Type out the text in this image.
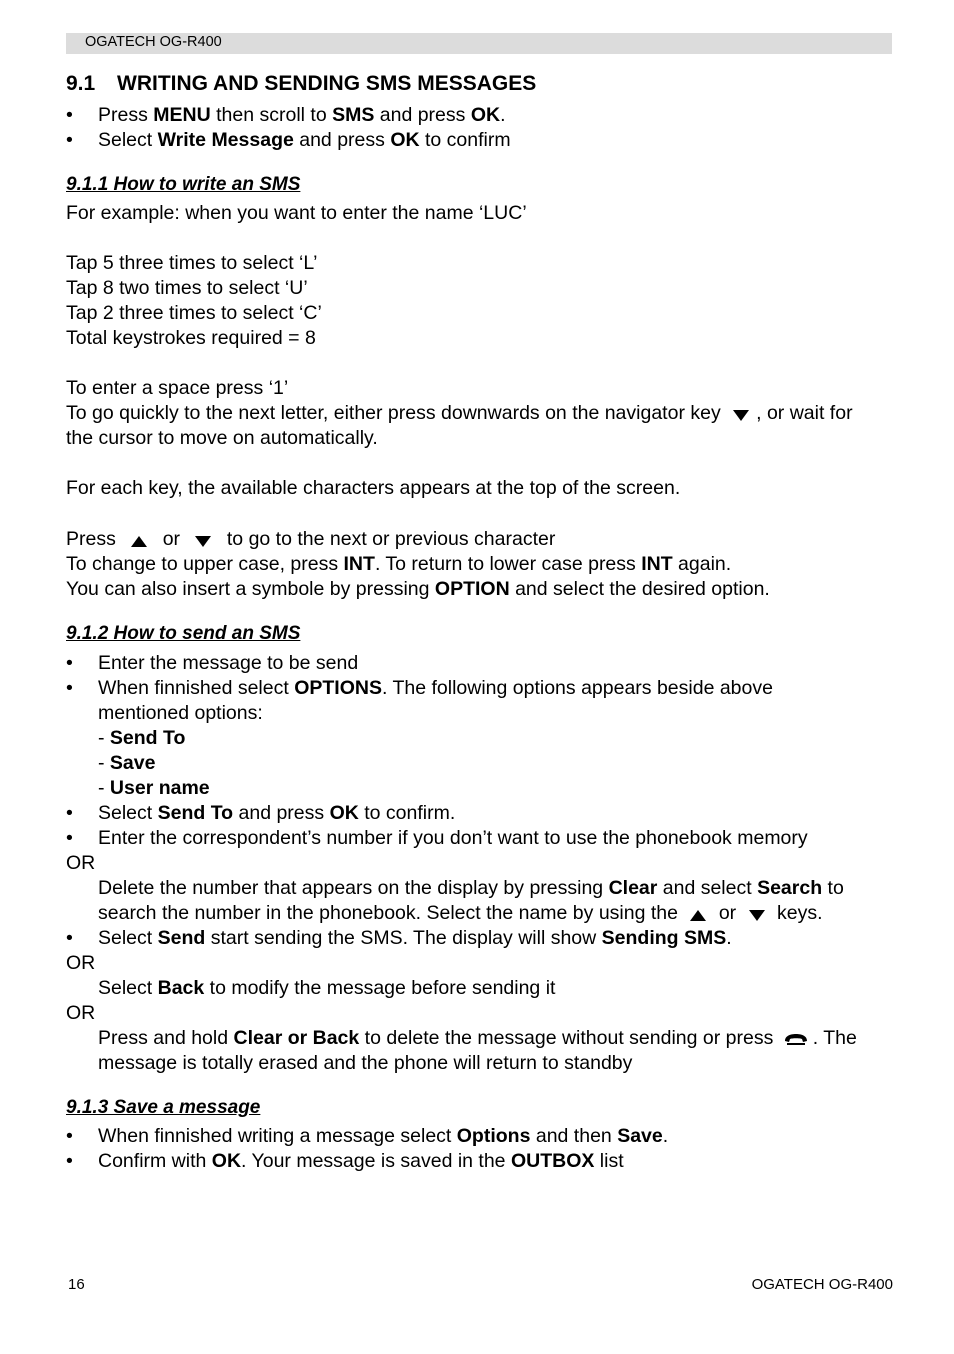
OGATECH OG-R400
9.1 WRITING AND SENDING SMS MESSAGES
•	Press MENU then scroll to SMS and press OK.
•	Select Write Message and press OK to confirm
9.1.1 How to write an SMS
For example: when you want to enter the name ‘LUC’
Tap 5 three times to select ‘L’
Tap 8 two times to select ‘U’
Tap 2 three times to select ‘C’
Total keystrokes required = 8
To enter a space press ‘1’
To go quickly to the next letter, either press downwards on the navigator key , or wait for
the cursor to move on automatically.
For each key, the available characters appears at the top of the screen.
Press or to go to the next or previous character
To change to upper case, press INT. To return to lower case press INT again.
You can also insert a symbole by pressing OPTION and select the desired option.
9.1.2 How to send an SMS
•	Enter the message to be send
•	When finnished select OPTIONS. The following options appears beside above
mentioned options:
- Send To
- Save
- User name
•	Select Send To and press OK to confirm.
•	Enter the correspondent’s number if you don’t want to use the phonebook memory
OR
Delete the number that appears on the display by pressing Clear and select Search to
search the number in the phonebook. Select the name by using the or keys.
•	Select Send start sending the SMS. The display will show Sending SMS.
OR
Select Back to modify the message before sending it
OR
Press and hold Clear or Back to delete the message without sending or press . The
message is totally erased and the phone will return to standby
9.1.3 Save a message
•	When finnished writing a message select Options and then Save.
•	Confirm with OK. Your message is saved in the OUTBOX list
16	OGATECH OG-R400
